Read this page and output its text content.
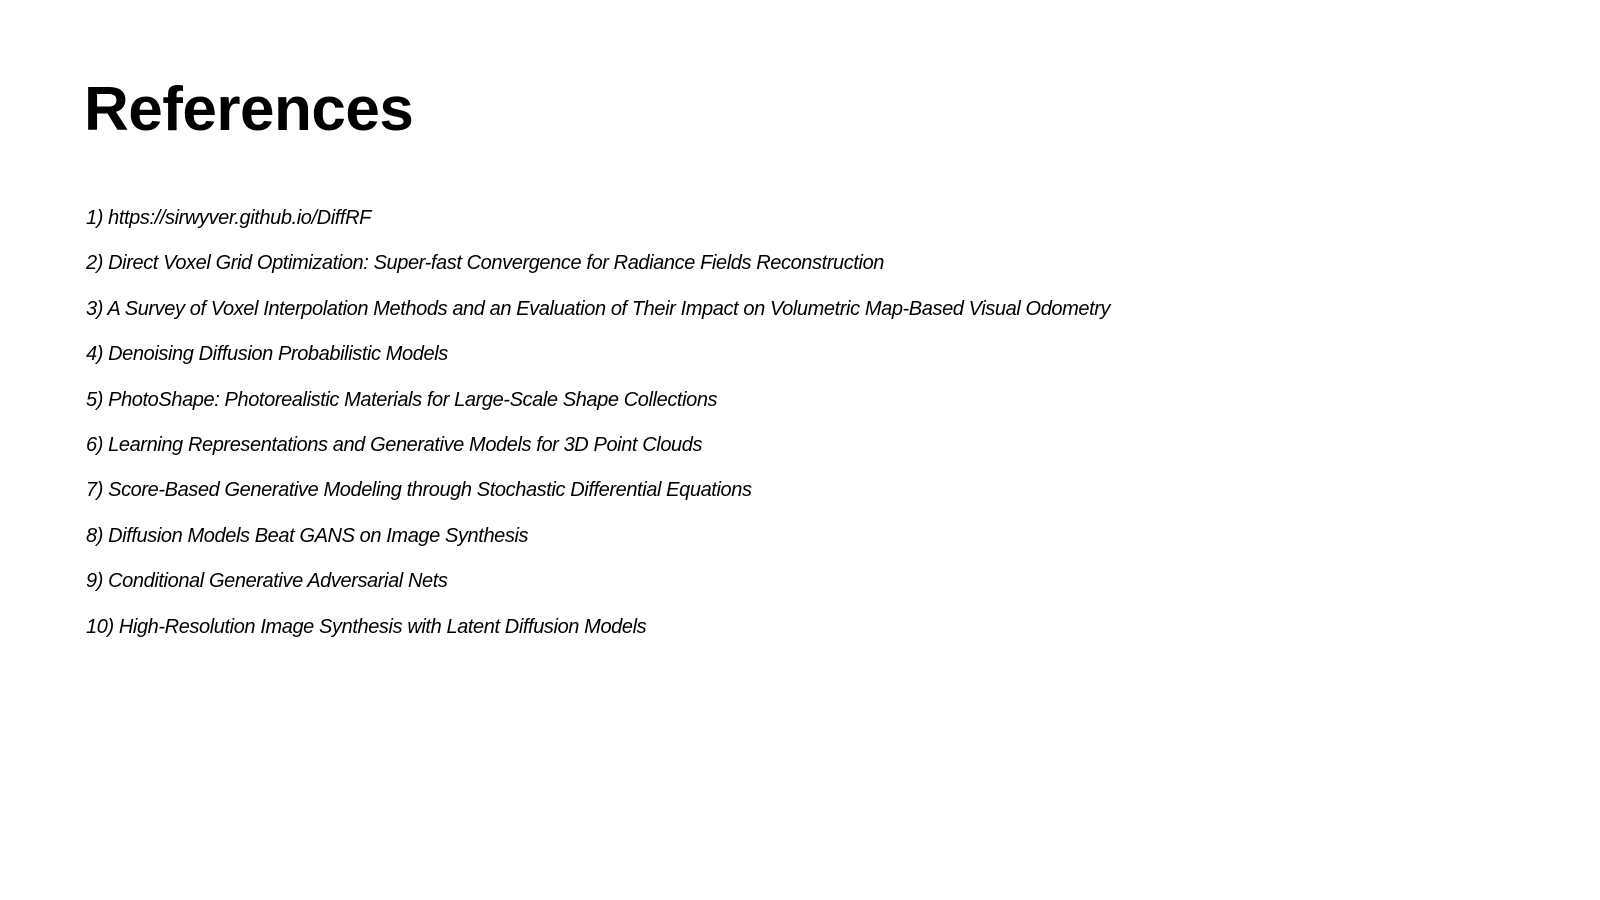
References
1) https://sirwyver.github.io/DiffRF
2) Direct Voxel Grid Optimization: Super-fast Convergence for Radiance Fields Reconstruction
3) A Survey of Voxel Interpolation Methods and an Evaluation of Their Impact on Volumetric Map-Based Visual Odometry
4) Denoising Diffusion Probabilistic Models
5) PhotoShape: Photorealistic Materials for Large-Scale Shape Collections
6) Learning Representations and Generative Models for 3D Point Clouds
7) Score-Based Generative Modeling through Stochastic Differential Equations
8) Diffusion Models Beat GANS on Image Synthesis
9) Conditional Generative Adversarial Nets
10) High-Resolution Image Synthesis with Latent Diffusion Models
